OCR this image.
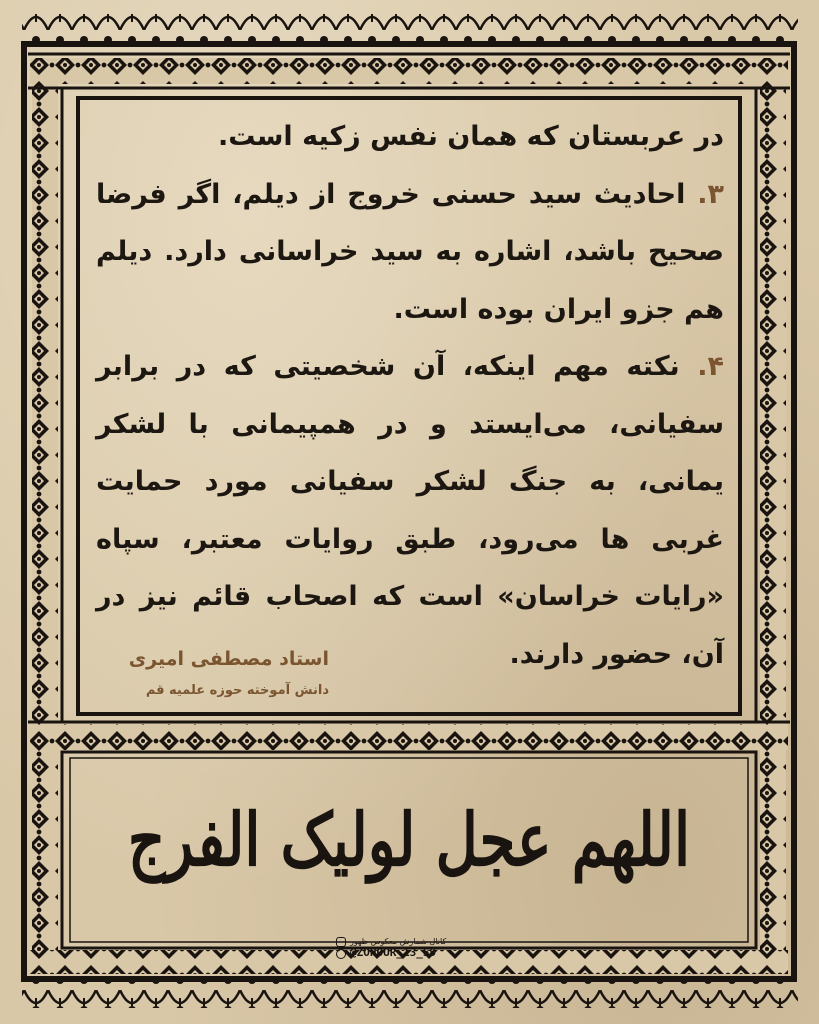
در عربستان که همان نفس زکیه است.

۳. احادیث سید حسنی خروج از دیلم، اگر فرضا صحیح باشد، اشاره به سید خراسانی دارد. دیلم هم جزو ایران بوده است.

۴. نکته مهم اینکه، آن شخصیتی که در برابر سفیانی، می‌ایستد و در همپیمانی با لشکر یمانی، به جنگ لشکر سفیانی مورد حمایت غربی ها می‌رود، طبق روایات معتبر، سپاه «رایات خراسان» است که اصحاب قائم نیز در آن، حضور دارند.

استاد مصطفی امیری
دانش آموخته حوزه علمیه قم
اللهم عجل لولیک الفرج
کانال شمارش معکوس ظهور
@ZOHOUR_13_59
